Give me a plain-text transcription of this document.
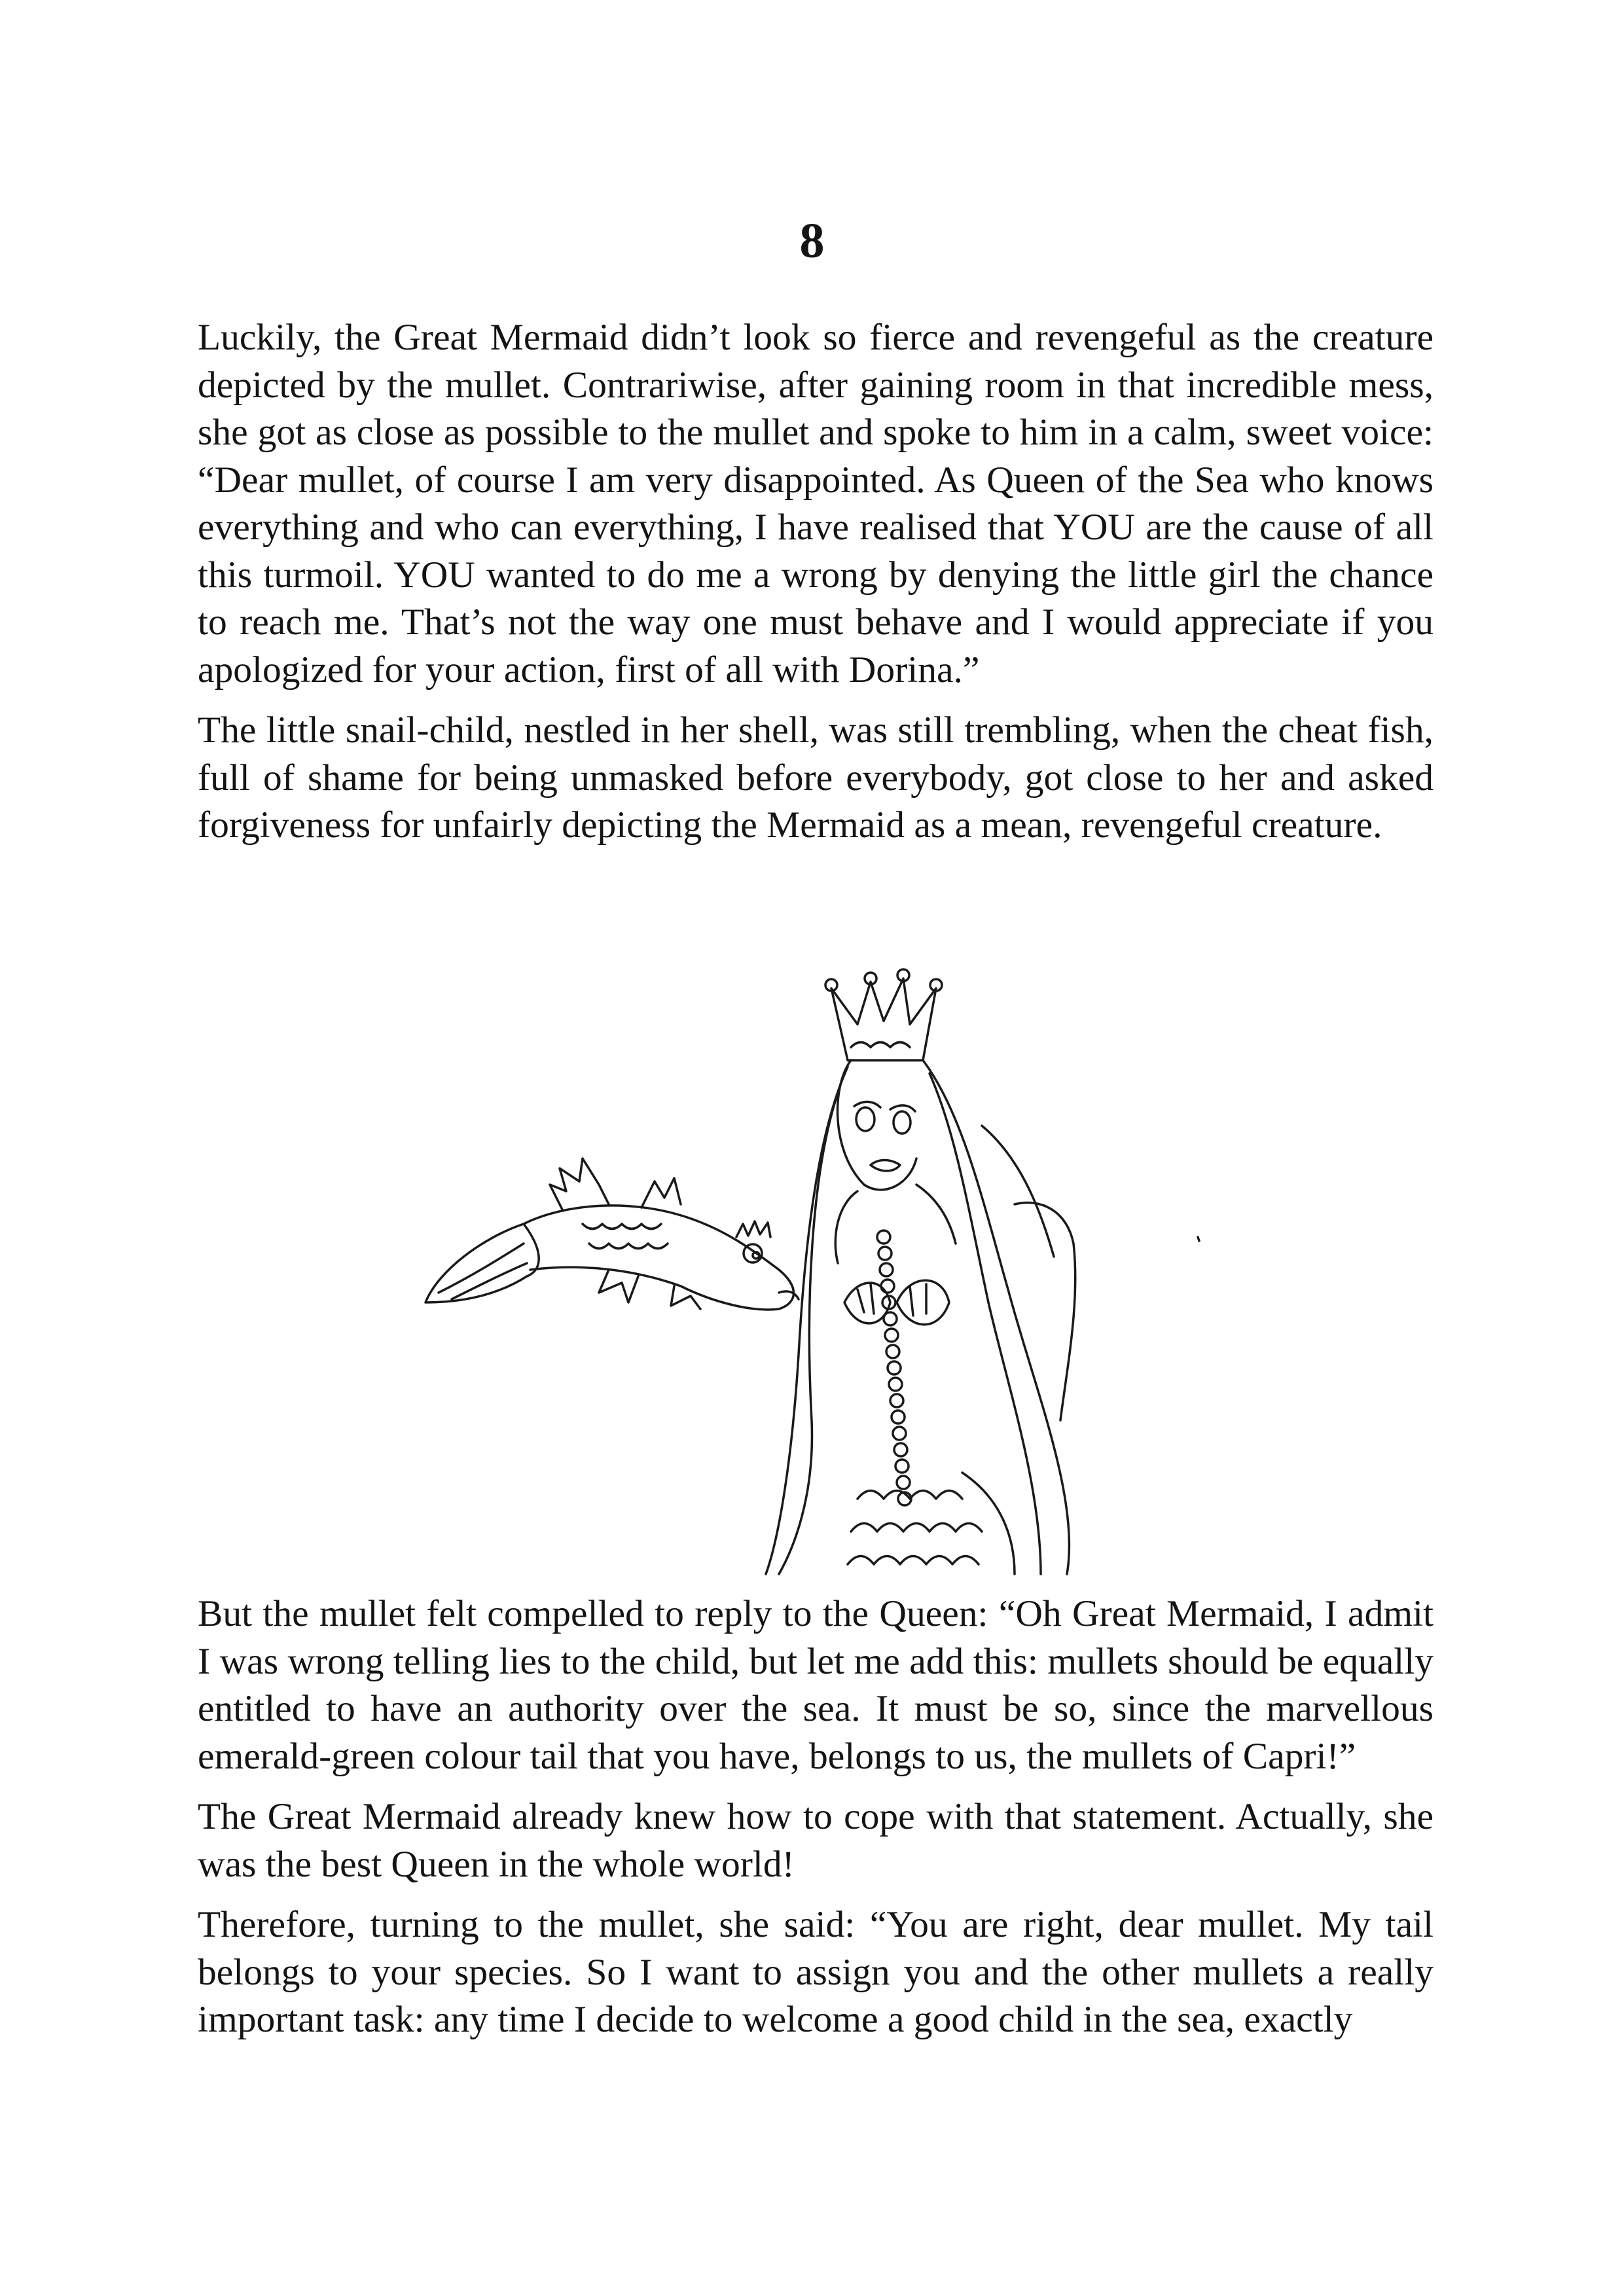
8

Luckily, the Great Mermaid didn’t look so fierce and revengeful as the creature depicted by the mullet. Contrariwise, after gaining room in that incredible mess, she got as close as possible to the mullet and spoke to him in a calm, sweet voice: “Dear mullet, of course I am very disappointed. As Queen of the Sea who knows everything and who can everything, I have realised that YOU are the cause of all this turmoil. YOU wanted to do me a wrong by denying the little girl the chance to reach me. That’s not the way one must behave and I would appreciate if you apologized for your action, first of all with Dorina.”

The little snail-child, nestled in her shell, was still trembling, when the cheat fish, full of shame for being unmasked before everybody, got close to her and asked forgiveness for unfairly depicting the Mermaid as a mean, revengeful creature.

But the mullet felt compelled to reply to the Queen: “Oh Great Mermaid, I admit I was wrong telling lies to the child, but let me add this: mullets should be equally entitled to have an authority over the sea. It must be so, since the marvellous emerald-green colour tail that you have, belongs to us, the mullets of Capri!”

The Great Mermaid already knew how to cope with that statement. Actually, she was the best Queen in the whole world!

Therefore, turning to the mullet, she said: “You are right, dear mullet. My tail belongs to your species. So I want to assign you and the other mullets a really important task: any time I decide to welcome a good child in the sea, exactly
